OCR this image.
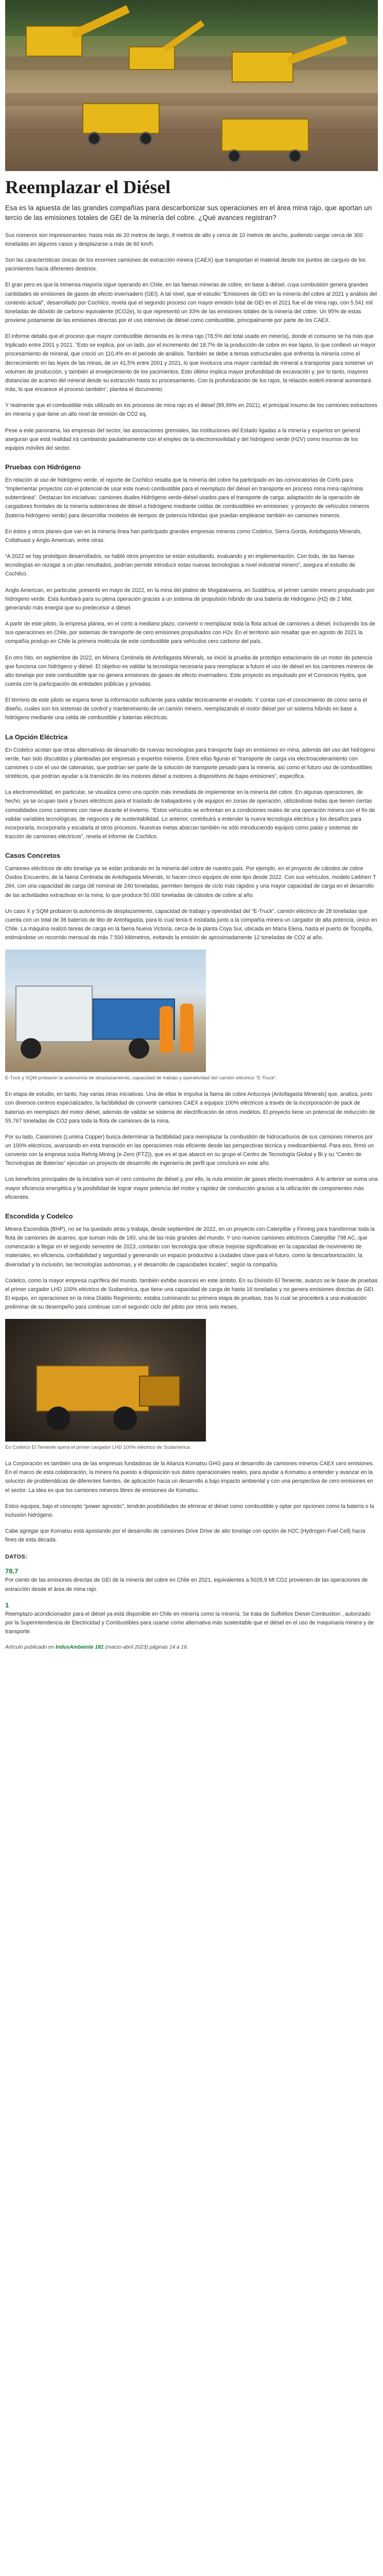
Reemplazar el Diésel

Esa es la apuesta de las grandes compañías para descarbonizar sus operaciones en el área mina rajo, que aportan un tercio de las emisiones totales de GEI de la minería del cobre. ¿Qué avances registran?

Sus números son impresionantes: hasta más de 20 metros de largo, 8 metros de alto y cerca de 10 metros de ancho, pudiendo cargar cerca de 300 toneladas en algunos casos y desplazarse a más de 60 km/h.

Son las características únicas de los enormes camiones de extracción minera (CAEX) que transportan el material desde los puntos de carguío de los yacimientos hacia diferentes destinos.

El gran pero es que la inmensa mayoría sigue operando en Chile, en las faenas mineras de cobre, en base a diésel, cuya combustión genera grandes cantidades de emisiones de gases de efecto invernadero (GEI). A tal nivel, que el estudio “Emisiones de GEI en la minería del cobre al 2021 y análisis del contexto actual”, desarrollado por Cochilco, revela que el segundo proceso con mayor emisión total de GEI en el 2021 fue el de mina rajo, con 5.541 mil toneladas de dióxido de carbono equivalente (tCO2e), lo que representó un 33% de las emisiones totales de la minería del cobre. Un 95% de estas proviene justamente de las emisiones directas por el uso intensivo de diésel como combustible, principalmente por parte de los CAEX.

El informe detalla que el proceso que mayor combustible demanda es la mina rajo (78,5% del total usado en minería), donde el consumo se ha más que triplicado entre 2001 y 2021. “Esto se explica, por un lado, por el incremento del 18,7% de la producción de cobre en ese lapso, lo que conllevó un mayor procesamiento de mineral, que creció un 110,4% en el periodo de análisis. También se debe a temas estructurales que enfrenta la minería como el decrecimiento en las leyes de las minas, de un 41,5% entre 2001 y 2021, lo que involucra una mayor cantidad de mineral a transportar para sostener un volumen de producción, y también al envejecimiento de los yacimientos. Esto último implica mayor profundidad de excavación y, por lo tanto, mayores distancias de acarreo del mineral desde su extracción hasta su procesamiento. Con la profundización de los rajos, la relación estéril-mineral aumentará más, lo que encarece el proceso también”, plantea el documento.

Y realmente que el combustible más utilizado en los procesos de mina rajo es el diésel (89,99% en 2021), el principal insumo de los camiones extractores en minería y que tiene un alto nivel de emisión de CO2 eq.

Pese a este panorama, las empresas del sector, las asociaciones gremiales, las instituciones del Estado ligadas a la minería y expertos en general aseguran que está realidad irá cambiando paulatinamente con el empleo de la electromovilidad y del hidrógeno verde (H2V) como insumos de los equipos móviles del sector.

Pruebas con Hidrógeno

En relación al uso de hidrógeno verde, el reporte de Cochilco resalta que la minería del cobre ha participado en las convocatorias de Corfo para “Implementar proyectos con el potencial de usar este nuevo combustible para el reemplazo del diésel en transporte en proceso mina mina rajo/mina subterránea”. Destacan los iniciativas: camiones duales Hidrógeno verde-diésel usados para el transporte de carga; adaptación de la operación de cargadores frontales de la minería subterránea de diésel a hidrógeno mediante celdas de combustibles en emisiones; y proyecto de vehículos mineros (batería-hidrógeno verde) para desarrollar modelos de tiempos de potencia híbridas que puedan emplearse también en camiones mineros.

En éstos y otros planes que van en la minería línea han participado grandes empresas mineras como Codelco, Sierra Gorda, Antofagasta Minerals, Collahuasi y Anglo American, entre otras.

“A 2022 se hay prototipos desarrollados, se habló otros proyectos se están estudiando, evaluando y en implementación. Con todo, de las faenas tecnologías en rezagar a un plan resultados, podrían permitir introducir estas nuevas tecnologías a nivel industrial minero”, asegura el estudio de Cochilco.

Anglo American, en particular, presentó en mayo de 2022, en la mina del platino de Mogalakwena, en Sudáfrica, el primer camión minero propulsado por hidrógeno verde. Esta ilumbará para su plena operación gracias a un sistema de propulsión híbrido de una batería de Hidrógeno (H2) de 2 MW, generando más energía que su predecesor a diésel.

A partir de este piloto, la empresa planea, en el corto a mediano plazo, convertir o reemplazar toda la flota actual de camiones a diésel, incluyendo los de sus operaciones en Chile, por sistemas de transporte de cero emisiones propulsados con H2v. En el territorio aún resaltar que en agosto de 2021 la compañía produjo en Chile la primera molécula de este combustible para vehículos cero carbono del país.

En otro hito, en septiembre de 2022, en Minera Centinela de Antofagasta Minerals, se inició la prueba de prototipo estacionario de un motor de potencia que funciona con hidrógeno y diésel. El objetivo es validar la tecnología necesaria para reemplazar a futuro el uso de diésel en los camiones mineros de alto tonelaje por este combustible que no genera emisiones de gases de efecto invernadero. Este proyecto es impulsado por el Consorcio Hydra, que cuenta con la participación de entidades públicas y privadas.

El término de este piloto se espera tener la información suficiente para validar técnicamente el modelo. Y contar con el conocimiento de cómo sería el diseño, cuales son los sistemas de control y mantenimiento de un camión minero, reemplazando el motor diésel por un sistema híbrido en base a hidrógeno mediante una celda de combustible y baterías eléctricas.

La Opción Eléctrica

En Codelco acotan que otras alternativas de desarrollo de nuevas tecnologías para transporte bajo en emisiones en mina, además del uso del hidrógeno verde, han sido discutidas y planteadas por empresas y expertos mineros. Entre ellas figuran el “transporte de carga vía electroaceleramiento con camiones o con el uso de catenarias, que podrían ser parte de la solución de transporte pesado para la minería, así como el futuro uso de combustibles sintéticos, que podrían ayudar a la transición de los motores diésel a motores a dispositivos de bajas emisiones”, especifica.

La electromovilidad, en particular, se visualiza como una opción más inmediata de implementar en la minería del cobre. En algunas operaciones, de hecho, ya se ocupan taxis y buses eléctricos para el traslado de trabajadores y de equipos en zonas de operación, utilizándose todas que tienen ciertas comodidades como camiones con nieve durante el invierno. “Estos vehículos se enfrentan en a condiciones reales de una operación minera con el fin de validar variables tecnológicas, de negocios y de sustentabilidad. Lo anterior, contribuirá a entender la nueva tecnología eléctrica y los desafíos para incorporarla, incorporarla y escalarla al otros procesos. Nuestras metas abarcan también no sólo introduciendo equipos como palas y sistemas de tracción de camiones eléctricos”, revela el informe de Cochilco.

Casos Concretos

Camiones eléctricos de alto tonelaje ya se están probando en la minería del cobre de nuestro país. Por ejemplo, en el proyecto de cátodos de cobre Óxidos Encuentro, de la faena Centinela de Antofagasta Minerals, lo hacen cinco equipos de este tipo desde 2022. Con sus vehículos, modelo Liebherr T 264, con una capacidad de carga útil nominal de 240 toneladas, permiten tiempos de ciclo más rápidos y una mayor capacidad de carga en el desarrollo de las actividades extractivas en la mina, lo que produce 50.000 toneladas de cátodos de cobre al año.

Un caso X y SQM probaron la autonomía de desplazamiento, capacidad de trabajo y operatividad del “E-Truck”, camión eléctrico de 28 toneladas que cuenta con un total de 36 baterías de litio de Antofagasta, para lo cual tenía 6 instalada junto a la compañía minera un cargador de alta potencia, único en Chile. La máquina realizó tareas de carga en la faena Nueva Victoria, cerca de la planta Coya Sur, ubicada en María Elena, hasta el puerto de Tocopilla, estimándose un recorrido mensual de más 7.500 kilómetros, evitando la emisión de aproximadamente 12 toneladas de CO2 al año.

E-Tuck y SQM probaron la autonomía de desplazamiento, capacidad de trabajo y operatividad del camión eléctrico “E-Truck”.

En etapa de estudio, en tanto, hay varias otras iniciativas. Una de ellas le impulsa la faena de cobre Antucoya (Antofagasta Minerals) que, analiza, junto con diversos centros especializados, la factibilidad de convertir camiones CAEX a equipos 100% eléctricos a través de la incorporación de pack de baterías en reemplazo del motor diésel, además de validar se sistema de electrificación de otros modelos. El proyecto tiene un potencial de reducción de 55.767 toneladas de CO2 para toda la flota de camiones de la mina.

Por su lado, Caserones (Lumina Copper) busca determinar la factibilidad para reemplazar la combustión de hidrocarburos de sus camiones mineros por un 100% eléctricos, avanzando en esta transición en las operaciones más eficiente desde las perspectivas técnica y medioambiental. Para eso, firmó un convenio con la empresa suiza Rehrig Mining (e-Zero (FTZ)), que es el que abarcó en su grupo el Centro de Tecnología Global y Bi y su “Centro de Tecnologías de Baterías” ejecutan un proyecto de desarrollo de ingeniería de perfil que concluirá en este año.

Los beneficios principales de la iniciativa son el cero consumo de diésel y, por ello, la nula emisión de gases efecto invernadero. A lo anterior se suma una mayor eficiencia energética y la posibilidad de lograr mayor potencia del motor y rapidez de conducción gracias a la utilización de componentes más eficientes.

Escondida y Codelco

Minera Escondida (BHP), no se ha quedado atrás y trabaja, desde septiembre de 2022, en un proyecto con Caterpillar y Finning para transformar toda la flota de camiones de acarreo, que suman más de 160, una de las más grandes del mundo. Y uno nuevos camiones eléctricos Caterpillar 798 AC, que comenzarán a llegar en el segundo semestre de 2023, contarán con tecnología que ofrece mejoras significativas en la capacidad de movimiento de materiales, en eficiencia, confiabilidad y seguridad y generando un espacio productivo a ciudades clave para el futuro, como la descarbonización, la diversidad y la inclusión, las tecnologías autónomas, y el desarrollo de capacidades locales”, según la compañía.

Codelco, como la mayor empresa cuprífera del mundo, también exhibe avances en este ámbito. En su División El Teniente, avanzo se le base de pruebas el primer cargador LHD 100% eléctrico de Sudamérica, que tiene una capacidad de carga de hasta 16 toneladas y no genera emisiones directas de GEI. El equipo, en operaciones en la mina Diablo Regimiento, estaba culminando su primera etapa de pruebas, tras lo cual se procederá a una evaluación preliminar de su desempeño para continuar con el segundo ciclo del piloto por otros seis meses.

En Codelco El Teniente opera el primer cargador LHD 100% eléctrico de Sudamérica.

La Corporación es también una de las empresas fundadoras de la Alianza Komatsu GHG para el desarrollo de camiones mineros CAEX cero emisiones. En el marco de esta colaboración, la minera ha puesto a disposición sus datos operacionales reales, para ayudar a Komatsu a entender y avanzar en la solución de problemáticas de diferentes fuentes, de aplicación hacia un desarrollo a bajo impacto ambiental y con una perspectiva de cero emisiones en el sector. La idea es que los camiones mineros libres de emisiones de Komatsu.

Estos equipos, bajo el concepto “power agnostic”, tendrán posibilidades de eliminar el diésel como combustible y optar por opciones como la batería o la inclusión hidrógeno.

Cabe agregar que Komatsu está apostando por el desarrollo de camiones Drive Drive de alto tonelaje con opción de H2C (Hydrogen Fuel Cell) hacia fines de esta década.

DATOS:
78,7

Por ciento de las emisiones directas de GEI de la minería del cobre en Chile en 2021, equivalentes a 5026,9 Mt CO2 provienen de las operaciones de extracción desde el área de mina rajo.

1

Reemplazo acondicionador para el diésel ya está disponible en Chile en minería como la minería. Se trata de Sulfolítos Diesel Combustion , autorizado por la Superintendencia de Electricidad y Combustibles para usarse como alternativa más sustentable que el diésel en el uso de maquinaria minera y de transporte.

Artículo publicado en IndusAmbiente 181 (marzo-abril 2023) páginas 14 a 16.
